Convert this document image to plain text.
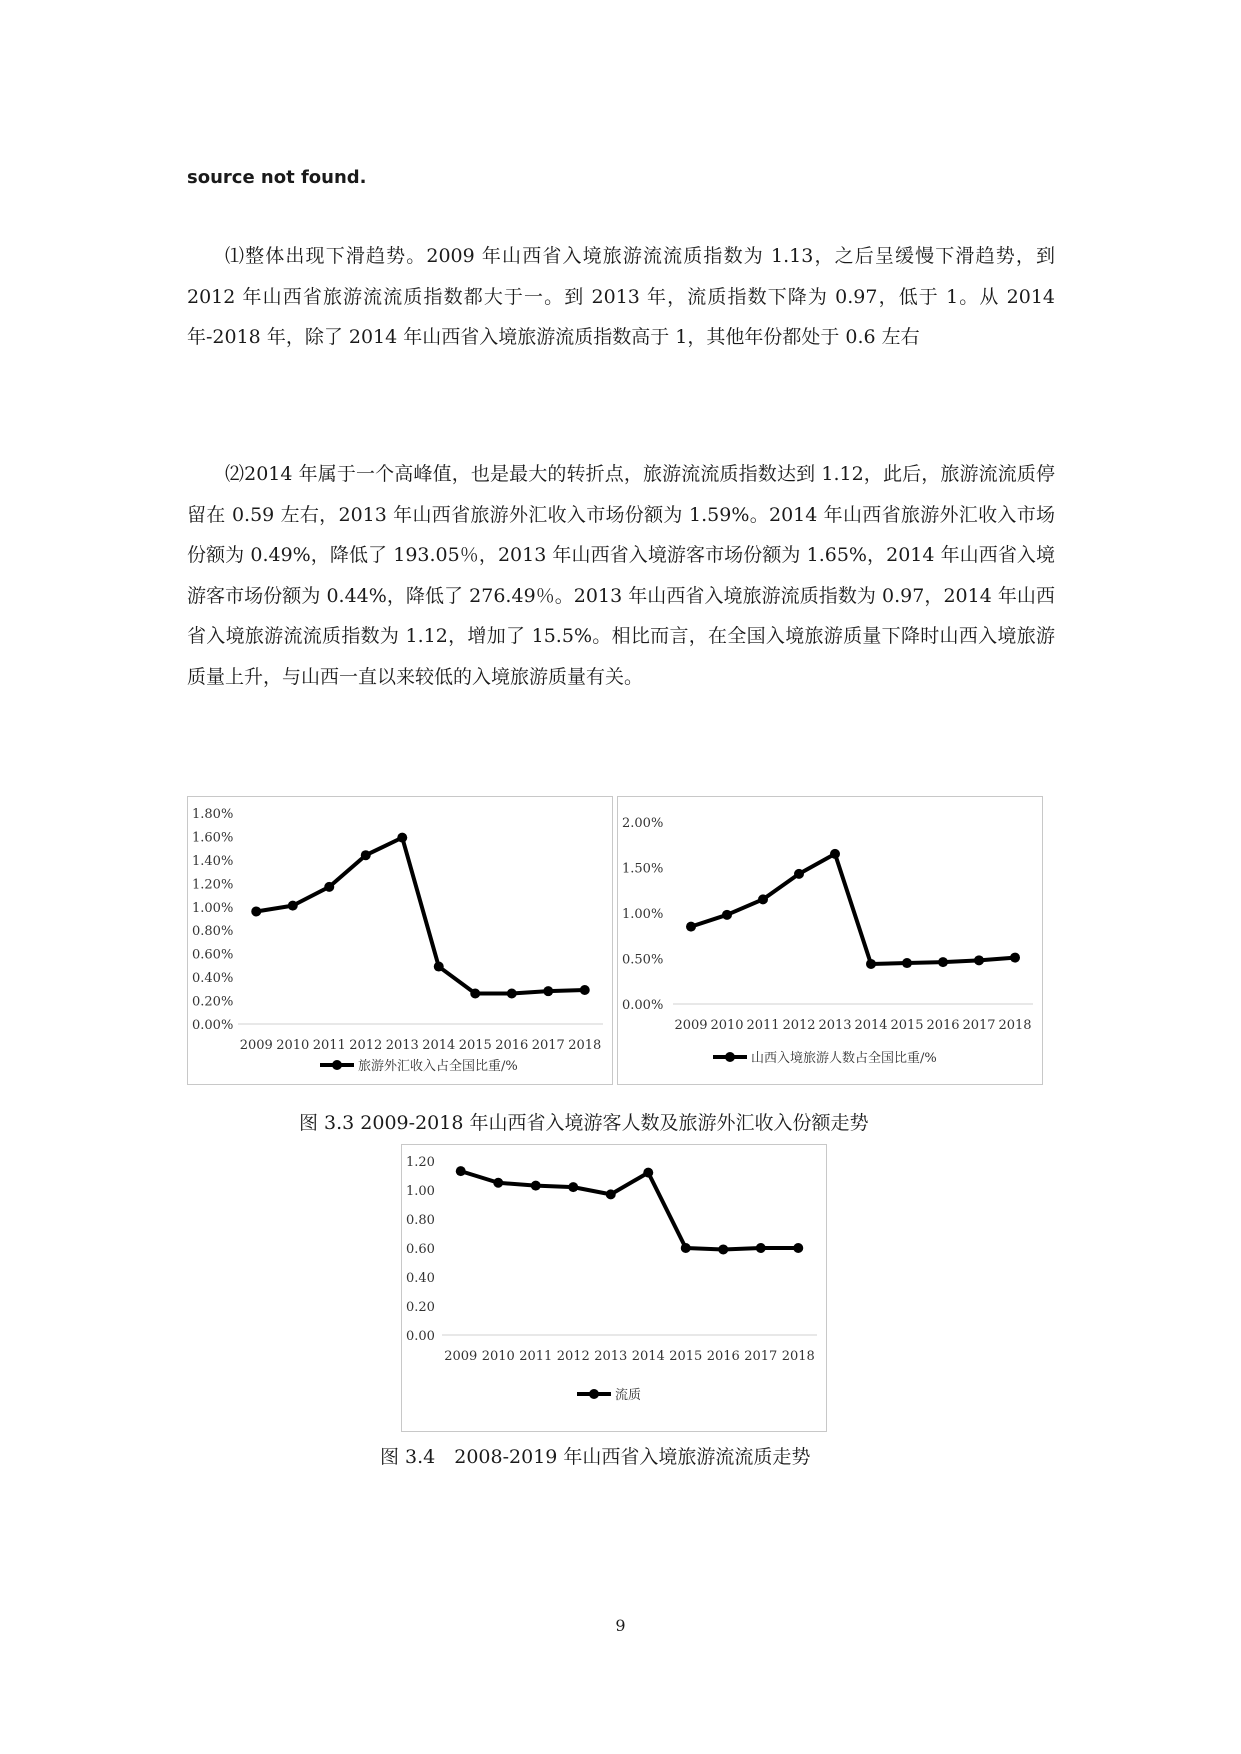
source not found.

⑴整体出现下滑趋势。2009 年山西省入境旅游流流质指数为 1.13，之后呈缓慢下滑趋势，到 2012 年山西省旅游流流质指数都大于一。到 2013 年，流质指数下降为 0.97，低于 1。从 2014 年-2018 年，除了 2014 年山西省入境旅游流质指数高于 1，其他年份都处于 0.6 左右

⑵2014 年属于一个高峰值，也是最大的转折点，旅游流流质指数达到 1.12，此后，旅游流流质停留在 0.59 左右，2013 年山西省旅游外汇收入市场份额为 1.59%。2014 年山西省旅游外汇收入市场份额为 0.49%，降低了 193.05％，2013 年山西省入境游客市场份额为 1.65%，2014 年山西省入境游客市场份额为 0.44%，降低了 276.49％。2013 年山西省入境旅游流质指数为 0.97，2014 年山西省入境旅游流流质指数为 1.12，增加了 15.5%。相比而言，在全国入境旅游质量下降时山西入境旅游质量上升，与山西一直以来较低的入境旅游质量有关。

0.00%
0.20%
0.40%
0.60%
0.80%
1.00%
1.20%
1.40%
1.60%
1.80%
2009 2010 2011 2012 2013 2014 2015 2016 2017 2018
旅游外汇收入占全国比重/%
0.00%
0.50%
1.00%
1.50%
2.00%
2009 2010 2011 2012 2013 2014 2015 2016 2017 2018
山西入境旅游人数占全国比重/%
图 3.3 2009-2018 年山西省入境游客人数及旅游外汇收入份额走势
0.00
0.20
0.40
0.60
0.80
1.00
1.20
2009 2010 2011 2012 2013 2014 2015 2016 2017 2018
流质
图 3.4　2008-2019 年山西省入境旅游流流质走势
9
